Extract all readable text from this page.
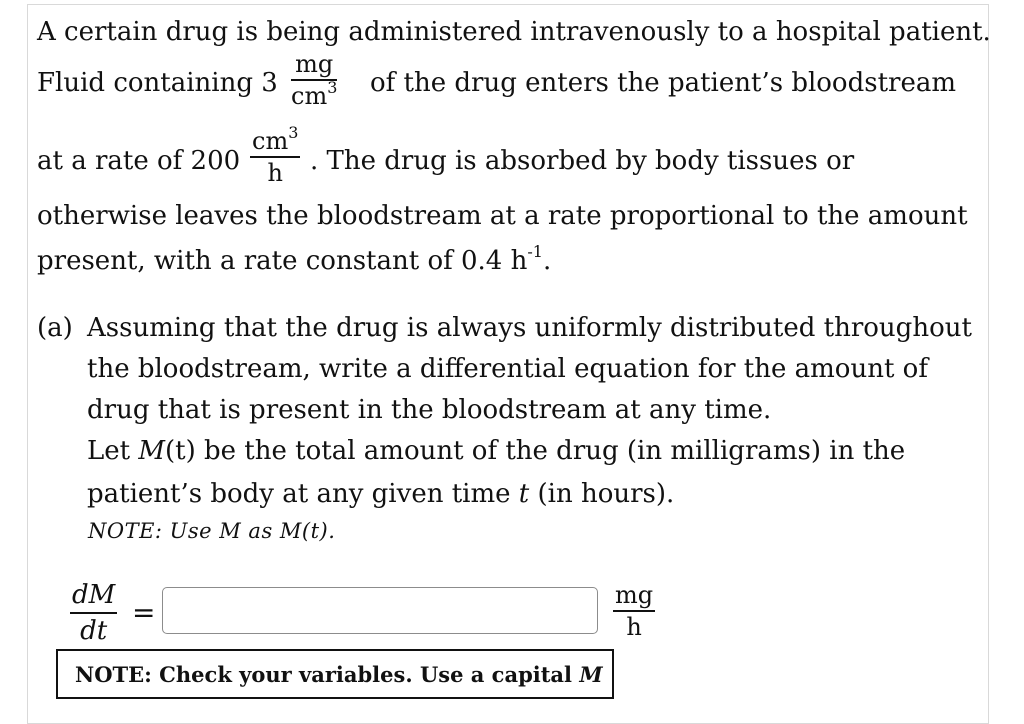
A certain drug is being administered intravenously to a hospital patient.
Fluid containing 3
mg
$cm^3$ of the drug enters the patient’s bloodstream
at a rate of 200
$cm^3$
h . The drug is absorbed by body tissues or
otherwise leaves the bloodstream at a rate proportional to the amount
present, with a rate constant of 0.4 $h^{-1}$.
(a) Assuming that the drug is always uniformly distributed throughout
the bloodstream, write a differential equation for the amount of
drug that is present in the bloodstream at any time.
Let M(t) be the total amount of the drug (in milligrams) in the
patient’s body at any given time t (in hours).
NOTE: Use M as M(t).
dM
dt
=
mg
h
NOTE: Check your variables. Use a capital
M
